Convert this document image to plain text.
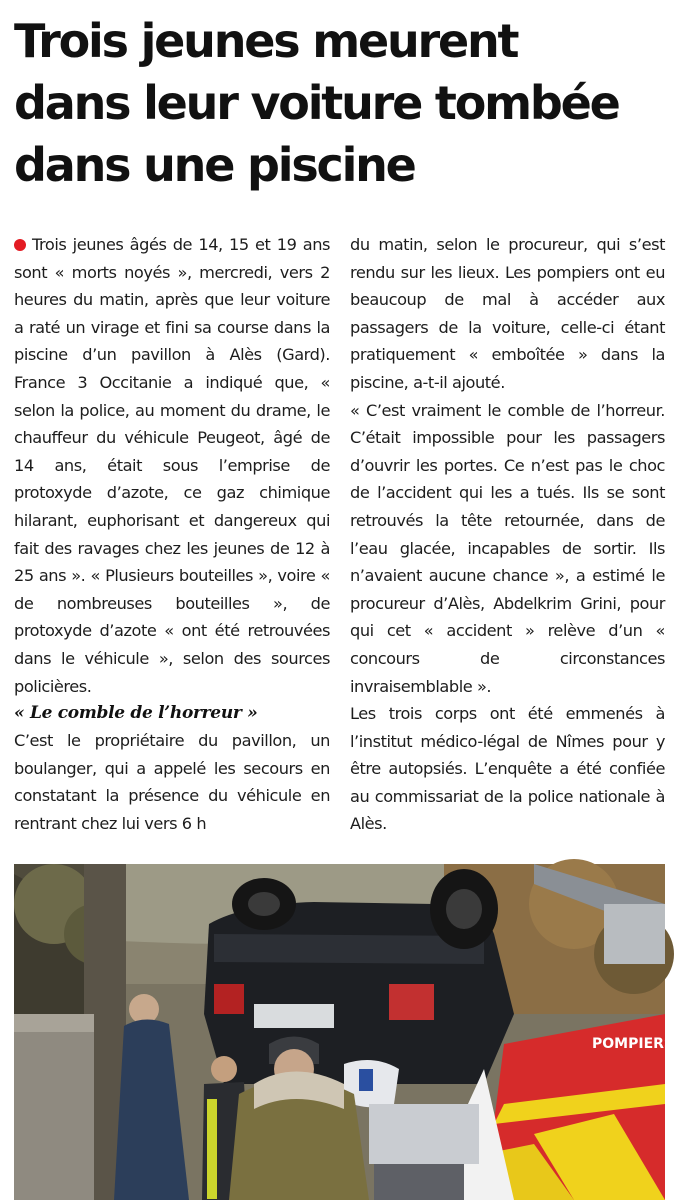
Trois jeunes meurent
dans leur voiture tombée
dans une piscine

Trois jeunes âgés de 14, 15 et 19 ans sont « morts noyés », mercredi, vers 2 heures du matin, après que leur voiture a raté un virage et fini sa course dans la piscine d’un pavillon à Alès (Gard). France 3 Occitanie a indiqué que, « selon la police, au moment du drame, le chauffeur du véhicule Peugeot, âgé de 14 ans, était sous l’emprise de protoxyde d’azote, ce gaz chimique hilarant, euphorisant et dangereux qui fait des ravages chez les jeunes de 12 à 25 ans ». « Plusieurs bouteilles », voire « de nombreuses bouteilles », de protoxyde d’azote « ont été retrouvées dans le véhicule », selon des sources policières.

« Le comble de l’horreur »

C’est le propriétaire du pavillon, un boulanger, qui a appelé les secours en constatant la présence du véhicule en rentrant chez lui vers 6 h

du matin, selon le procureur, qui s’est rendu sur les lieux. Les pompiers ont eu beaucoup de mal à accéder aux passagers de la voiture, celle-ci étant pratiquement « emboîtée » dans la piscine, a-t-il ajouté.

« C’est vraiment le comble de l’horreur. C’était impossible pour les passagers d’ouvrir les portes. Ce n’est pas le choc de l’accident qui les a tués. Ils se sont retrouvés la tête retournée, dans de l’eau glacée, incapables de sortir. Ils n’avaient aucune chance », a estimé le procureur d’Alès, Abdelkrim Grini, pour qui cet « accident » relève d’un « concours de circonstances invraisemblable ».

Les trois corps ont été emmenés à l’institut médico-légal de Nîmes pour y être autopsiés. L’enquête a été confiée au commissariat de la police nationale à Alès.

POMPIERS
